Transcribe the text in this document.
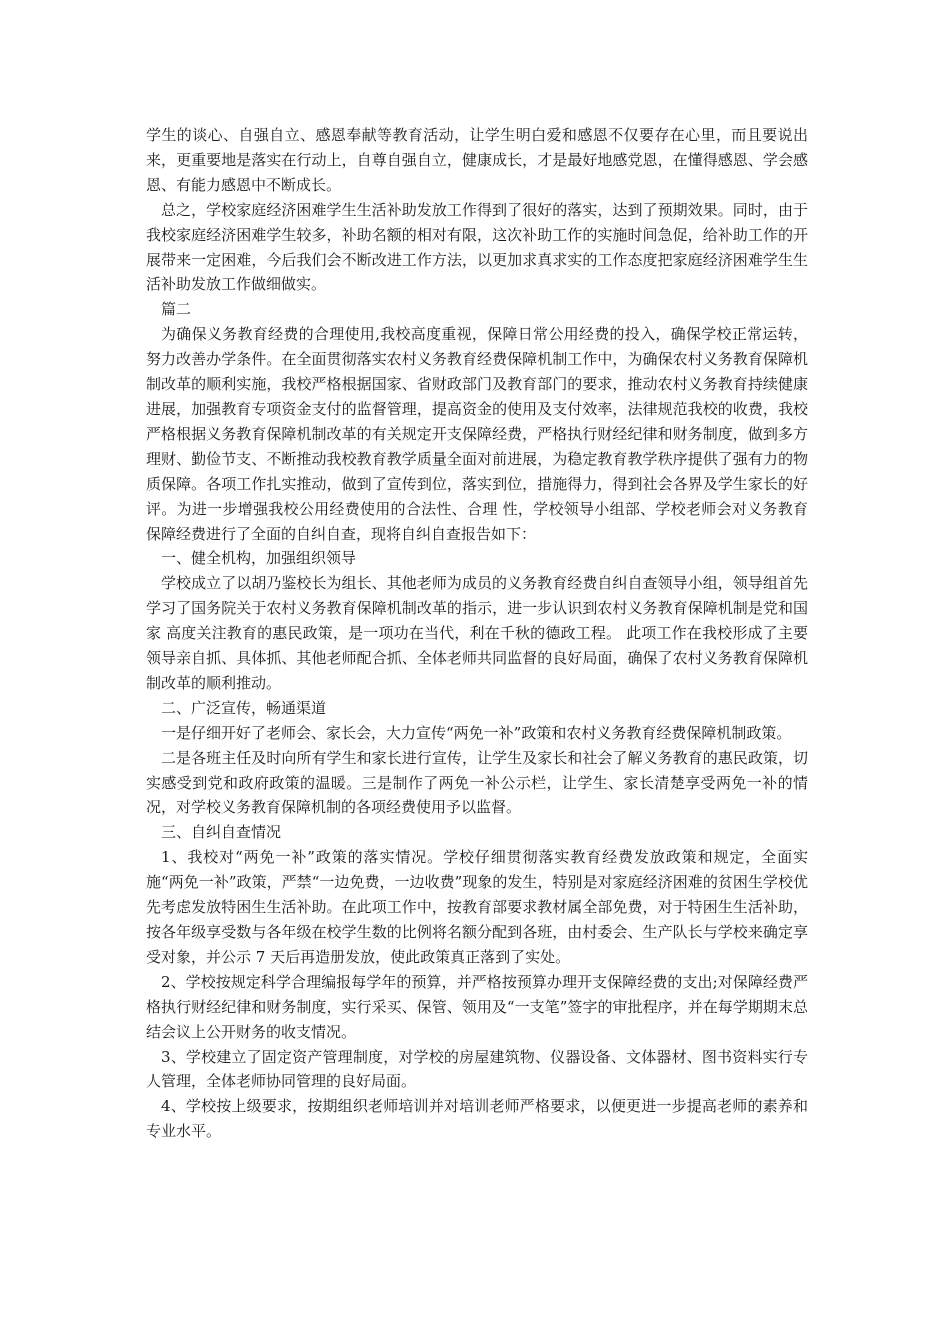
学生的谈心、自强自立、感恩奉献等教育活动，让学生明白爱和感恩不仅要存在心里，而且要说出来，更重要地是落实在行动上，自尊自强自立，健康成长，才是最好地感党恩，在懂得感恩、学会感恩、有能力感恩中不断成长。

总之，学校家庭经济困难学生生活补助发放工作得到了很好的落实，达到了预期效果。同时，由于我校家庭经济困难学生较多，补助名额的相对有限，这次补助工作的实施时间急促，给补助工作的开展带来一定困难，今后我们会不断改进工作方法，以更加求真求实的工作态度把家庭经济困难学生生活补助发放工作做细做实。

篇二

为确保义务教育经费的合理使用,我校高度重视，保障日常公用经费的投入，确保学校正常运转，努力改善办学条件。在全面贯彻落实农村义务教育经费保障机制工作中，为确保农村义务教育保障机制改革的顺利实施，我校严格根据国家、省财政部门及教育部门的要求，推动农村义务教育持续健康进展，加强教育专项资金支付的监督管理，提高资金的使用及支付效率，法律规范我校的收费，我校严格根据义务教育保障机制改革的有关规定开支保障经费，严格执行财经纪律和财务制度，做到多方理财、勤俭节支、不断推动我校教育教学质量全面对前进展，为稳定教育教学秩序提供了强有力的物质保障。各项工作扎实推动，做到了宣传到位，落实到位，措施得力，得到社会各界及学生家长的好评。为进一步增强我校公用经费使用的合法性、合理 性，学校领导小组部、学校老师会对义务教育保障经费进行了全面的自纠自查，现将自纠自查报告如下：

一、健全机构，加强组织领导

学校成立了以胡乃鉴校长为组长、其他老师为成员的义务教育经费自纠自查领导小组，领导组首先学习了国务院关于农村义务教育保障机制改革的指示，进一步认识到农村义务教育保障机制是党和国家 高度关注教育的惠民政策，是一项功在当代，利在千秋的德政工程。 此项工作在我校形成了主要领导亲自抓、具体抓、其他老师配合抓、全体老师共同监督的良好局面，确保了农村义务教育保障机制改革的顺利推动。

二、广泛宣传，畅通渠道

一是仔细开好了老师会、家长会，大力宣传“两免一补”政策和农村义务教育经费保障机制政策。

二是各班主任及时向所有学生和家长进行宣传，让学生及家长和社会了解义务教育的惠民政策，切实感受到党和政府政策的温暖。三是制作了两免一补公示栏，让学生、家长清楚享受两免一补的情况，对学校义务教育保障机制的各项经费使用予以监督。

三、自纠自查情况

1、我校对“两免一补”政策的落实情况。学校仔细贯彻落实教育经费发放政策和规定，全面实施“两免一补”政策，严禁“一边免费，一边收费”现象的发生，特别是对家庭经济困难的贫困生学校优先考虑发放特困生生活补助。在此项工作中，按教育部要求教材属全部免费，对于特困生生活补助，按各年级享受数与各年级在校学生数的比例将名额分配到各班，由村委会、生产队长与学校来确定享受对象，并公示 7 天后再造册发放，使此政策真正落到了实处。

2、学校按规定科学合理编报每学年的预算，并严格按预算办理开支保障经费的支出;对保障经费严格执行财经纪律和财务制度，实行采买、保管、领用及“一支笔”签字的审批程序，并在每学期期末总结会议上公开财务的收支情况。

3、学校建立了固定资产管理制度，对学校的房屋建筑物、仪器设备、文体器材、图书资料实行专人管理，全体老师协同管理的良好局面。

4、学校按上级要求，按期组织老师培训并对培训老师严格要求，以便更进一步提高老师的素养和专业水平。
